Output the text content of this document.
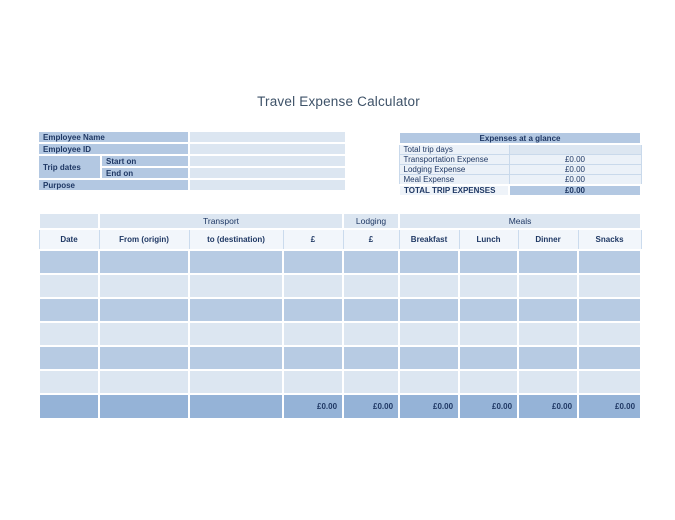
Travel Expense Calculator
Employee Name		
Employee ID		
Trip dates	Start on	
	End on	
Purpose		
Expenses at a glance	
Total trip days	
Transportation Expense	£0.00
Lodging Expense	£0.00
Meal Expense	£0.00
TOTAL TRIP EXPENSES	£0.00
	Transport			Lodging	Meals			
Date	From (origin)	to (destination)	£	£	Breakfast	Lunch	Dinner	Snacks

			£0.00	£0.00	£0.00	£0.00	£0.00	£0.00
